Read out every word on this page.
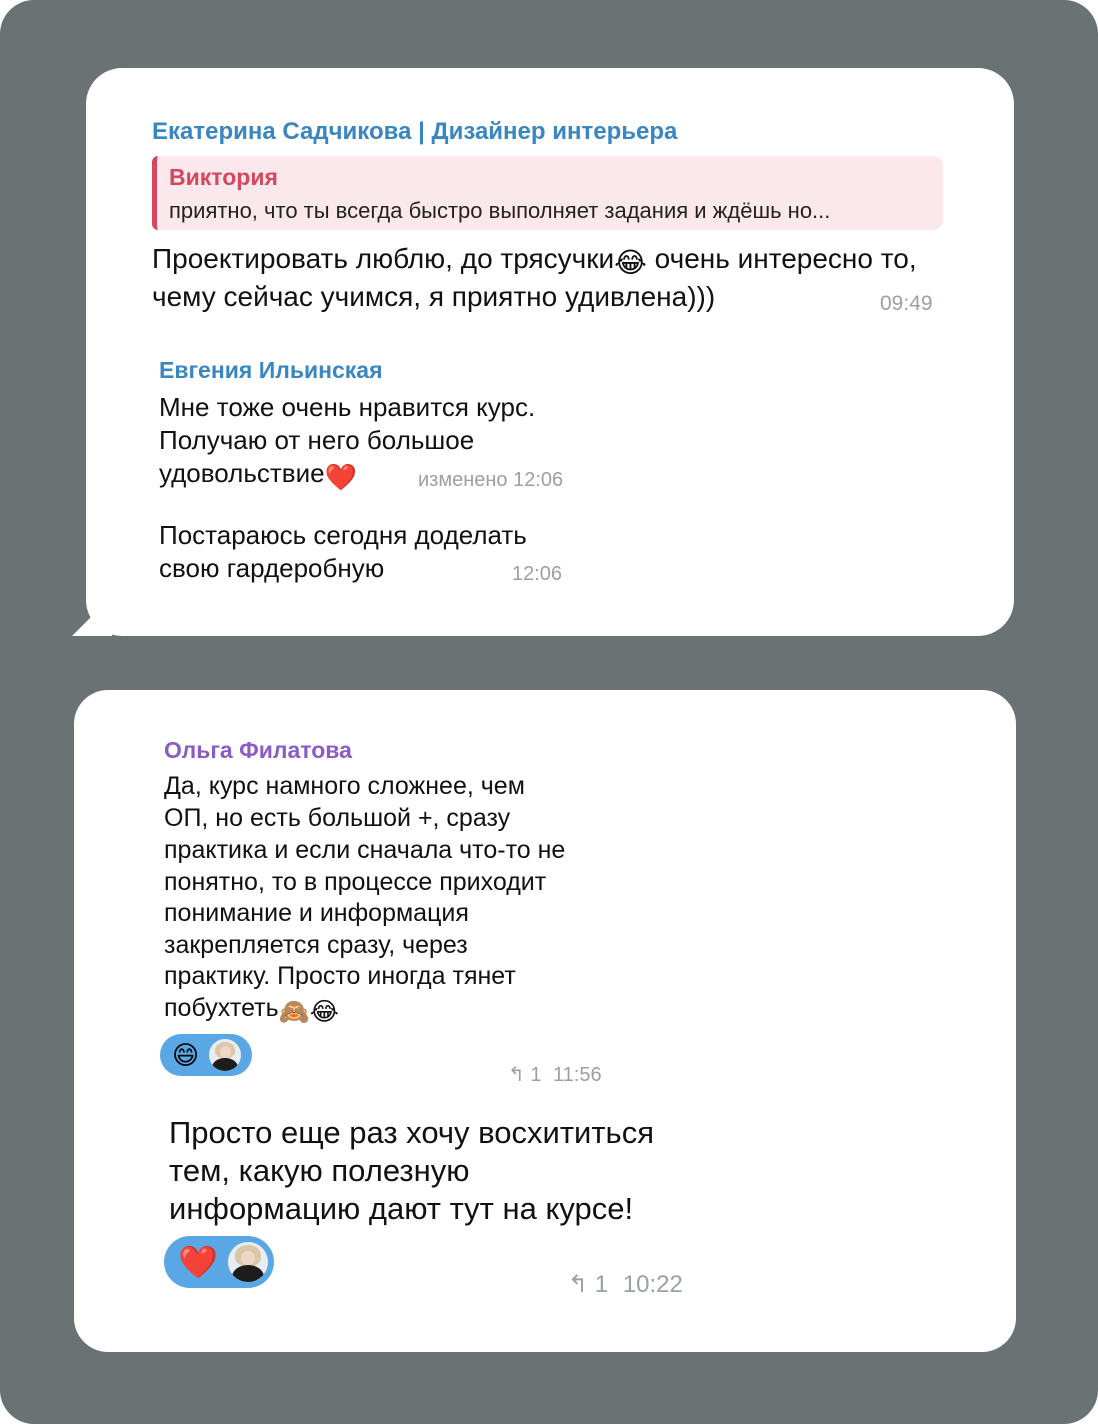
Екатерина Садчикова | Дизайнер интерьера
Виктория
приятно, что ты всегда быстро выполняет задания и ждёшь но...
Проектировать люблю, до трясучки😂 очень интересно то,
чему сейчас учимся, я приятно удивлена)))	09:49
Евгения Ильинская
Мне тоже очень нравится курс.
Получаю от него большое
удовольствие❤️	изменено 12:06
Постараюсь сегодня доделать
свою гардеробную	12:06
Ольга Филатова
Да, курс намного сложнее, чем
ОП, но есть большой +, сразу
практика и если сначала что-то не
понятно, то в процессе приходит
понимание и информация
закрепляется сразу, через
практику. Просто иногда тянет
побухтеть🙈😂
😄
↰ 1 11:56
Просто еще раз хочу восхититься
тем, какую полезную
информацию дают тут на курсе!
❤️
↰ 1 10:22
